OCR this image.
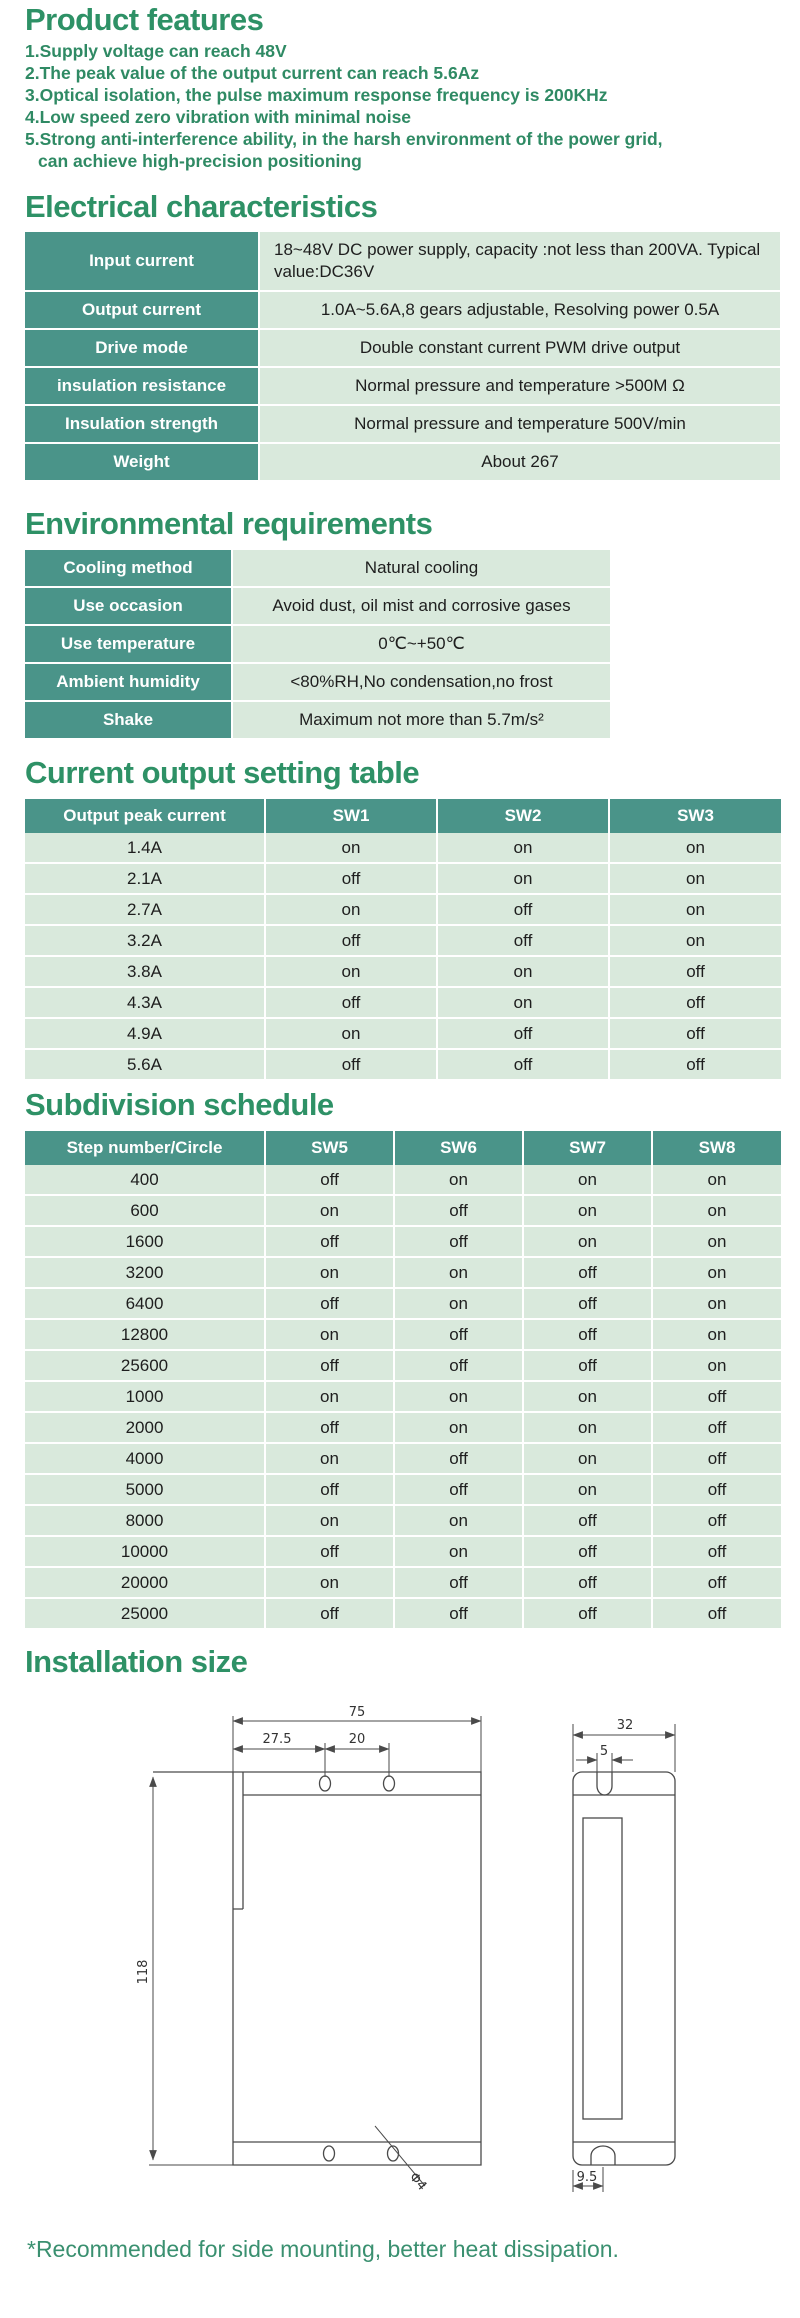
Product features
1.Supply voltage can reach 48V
2.The peak value of the output current can reach 5.6Az
3.Optical isolation, the pulse maximum response frequency is 200KHz
4.Low speed zero vibration with minimal noise
5.Strong anti-interference ability, in the harsh environment of the power grid,
can achieve high-precision positioning
Electrical characteristics
Input current	18~48V DC power supply, capacity :not less than 200VA. Typical value:DC36V
Output current	1.0A~5.6A,8 gears adjustable, Resolving power 0.5A
Drive mode	Double constant current PWM drive output
insulation resistance	Normal pressure and temperature >500M Ω
Insulation strength	Normal pressure and temperature 500V/min
Weight	About 267
Environmental requirements
Cooling method	Natural cooling
Use occasion	Avoid dust, oil mist and corrosive gases
Use temperature	0℃~+50℃
Ambient humidity	<80%RH,No condensation,no frost
Shake	Maximum not more than 5.7m/s²
Current output setting table
Output peak current	SW1	SW2	SW3
1.4A	on	on	on
2.1A	off	on	on
2.7A	on	off	on
3.2A	off	off	on
3.8A	on	on	off
4.3A	off	on	off
4.9A	on	off	off
5.6A	off	off	off
Subdivision schedule
Step number/Circle	SW5	SW6	SW7	SW8
400	off	on	on	on
600	on	off	on	on
1600	off	off	on	on
3200	on	on	off	on
6400	off	on	off	on
12800	on	off	off	on
25600	off	off	off	on
1000	on	on	on	off
2000	off	on	on	off
4000	on	off	on	off
5000	off	off	on	off
8000	on	on	off	off
10000	off	on	off	off
20000	on	off	off	off
25000	off	off	off	off
Installation size
75
27.5	20
118
Φ4
32
5
9.5
*Recommended for side mounting, better heat dissipation.
